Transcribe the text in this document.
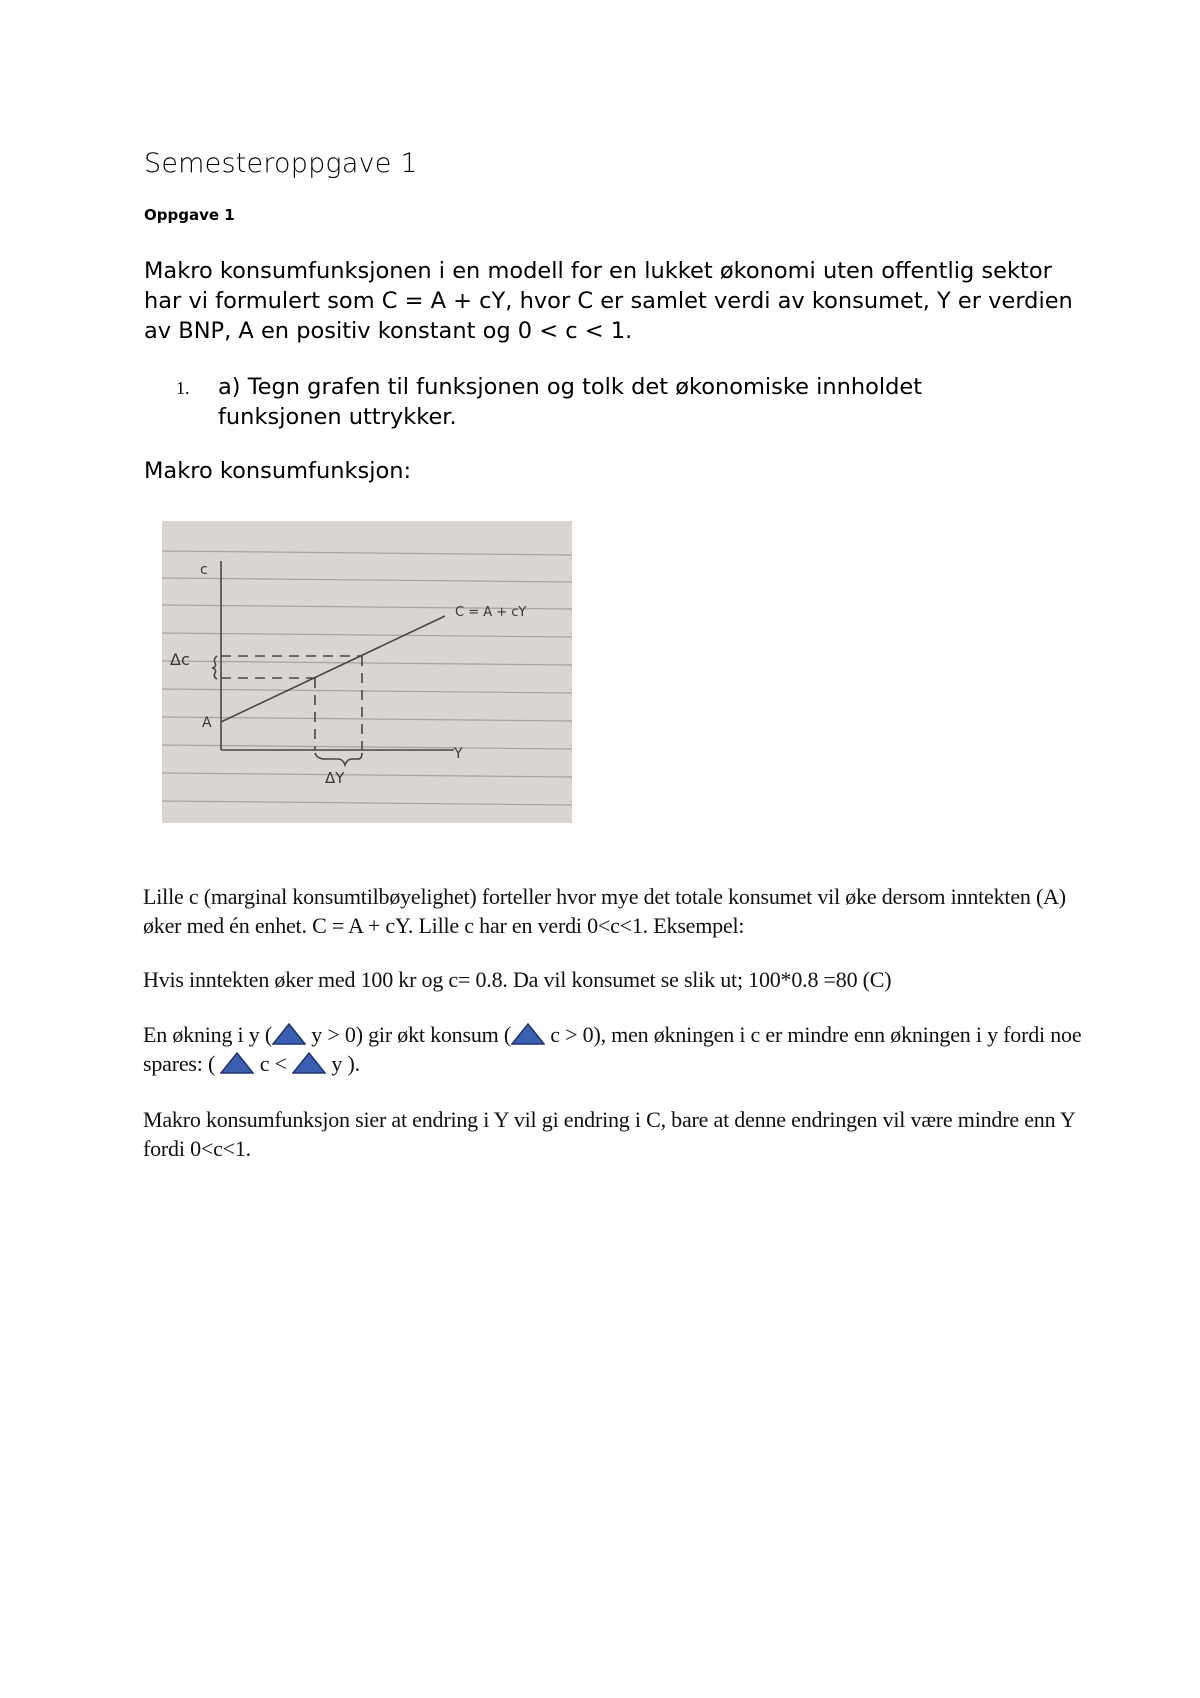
Semesteroppgave 1
Oppgave 1
Makro konsumfunksjonen i en modell for en lukket økonomi uten offentlig sektor har vi formulert som C = A + cY, hvor C er samlet verdi av konsumet, Y er verdien av BNP, A en positiv konstant og 0 < c < 1.
1. a) Tegn grafen til funksjonen og tolk det økonomiske innholdet funksjonen uttrykker.
Makro konsumfunksjon:
c
Y
C = A + cY
Δc
ΔY
A
Lille c (marginal konsumtilbøyelighet) forteller hvor mye det totale konsumet vil øke dersom inntekten (A) øker med én enhet. C = A + cY. Lille c har en verdi 0<c<1. Eksempel:
Hvis inntekten øker med 100 kr og c= 0.8. Da vil konsumet se slik ut; 100*0.8 =80 (C)
En økning i y ( y > 0) gir økt konsum ( c > 0), men økningen i c er mindre enn økningen i y fordi noe spares: (  c <  y ).
Makro konsumfunksjon sier at endring i Y vil gi endring i C, bare at denne endringen vil være mindre enn Y fordi 0<c<1.
